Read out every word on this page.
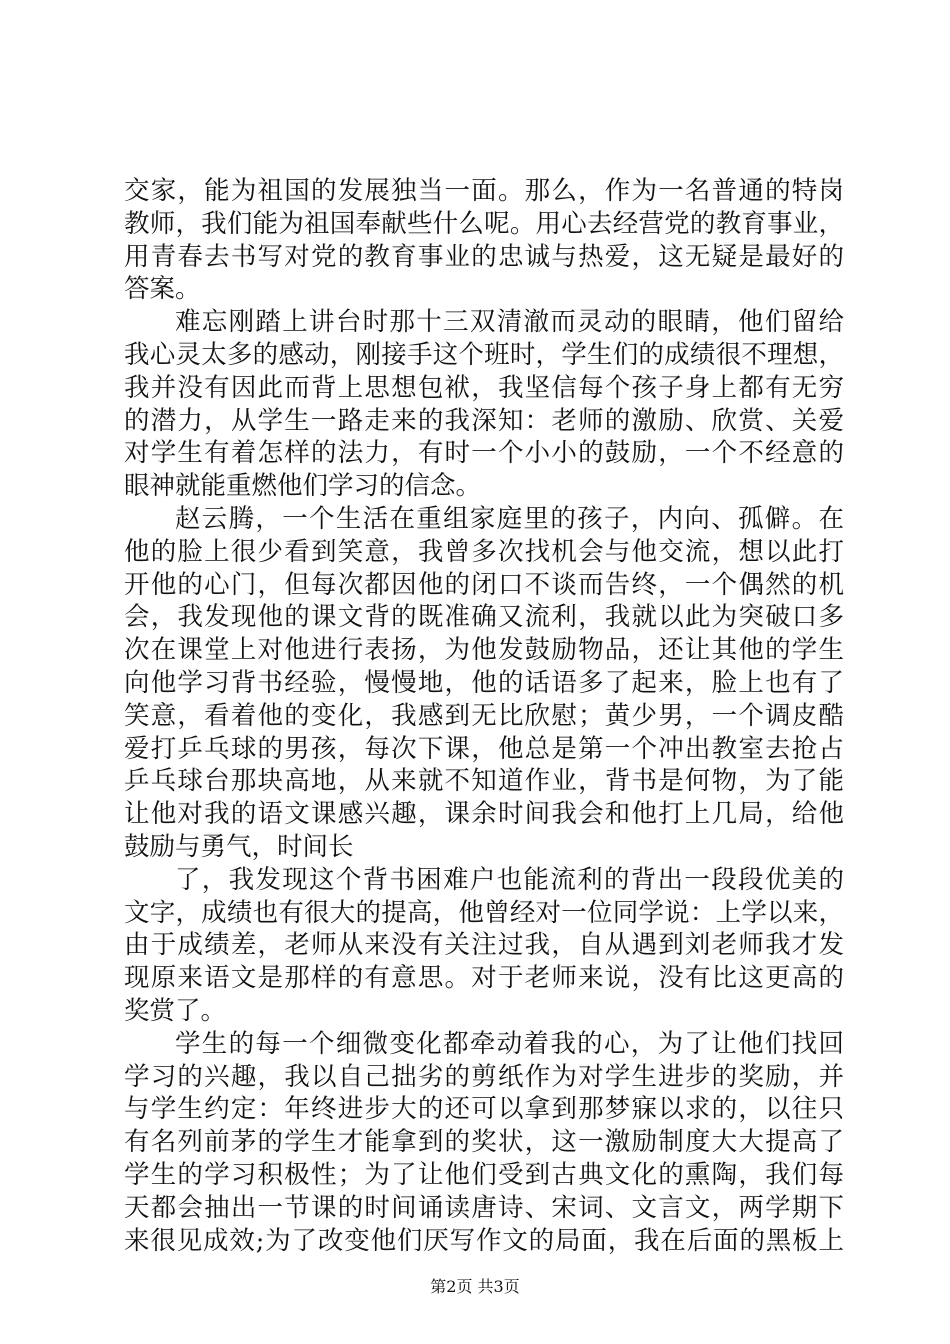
交家，能为祖国的发展独当一面。那么，作为一名普通的特岗
教师，我们能为祖国奉献些什么呢。用心去经营党的教育事业，
用青春去书写对党的教育事业的忠诚与热爱，这无疑是最好的
答案。
难忘刚踏上讲台时那十三双清澈而灵动的眼睛，他们留给
我心灵太多的感动，刚接手这个班时，学生们的成绩很不理想，
我并没有因此而背上思想包袱，我坚信每个孩子身上都有无穷
的潜力，从学生一路走来的我深知：老师的激励、欣赏、关爱
对学生有着怎样的法力，有时一个小小的鼓励，一个不经意的
眼神就能重燃他们学习的信念。
赵云腾，一个生活在重组家庭里的孩子，内向、孤僻。在
他的脸上很少看到笑意，我曾多次找机会与他交流，想以此打
开他的心门，但每次都因他的闭口不谈而告终，一个偶然的机
会，我发现他的课文背的既准确又流利，我就以此为突破口多
次在课堂上对他进行表扬，为他发鼓励物品，还让其他的学生
向他学习背书经验，慢慢地，他的话语多了起来，脸上也有了
笑意，看着他的变化，我感到无比欣慰；黄少男，一个调皮酷
爱打乒乓球的男孩，每次下课，他总是第一个冲出教室去抢占
乒乓球台那块高地，从来就不知道作业，背书是何物，为了能
让他对我的语文课感兴趣，课余时间我会和他打上几局，给他
鼓励与勇气，时间长
了，我发现这个背书困难户也能流利的背出一段段优美的
文字，成绩也有很大的提高，他曾经对一位同学说：上学以来，
由于成绩差，老师从来没有关注过我，自从遇到刘老师我才发
现原来语文是那样的有意思。对于老师来说，没有比这更高的
奖赏了。
学生的每一个细微变化都牵动着我的心，为了让他们找回
学习的兴趣，我以自己拙劣的剪纸作为对学生进步的奖励，并
与学生约定：年终进步大的还可以拿到那梦寐以求的，以往只
有名列前茅的学生才能拿到的奖状，这一激励制度大大提高了
学生的学习积极性；为了让他们受到古典文化的熏陶，我们每
天都会抽出一节课的时间诵读唐诗、宋词、文言文，两学期下
来很见成效;为了改变他们厌写作文的局面，我在后面的黑板上
第2页 共3页
